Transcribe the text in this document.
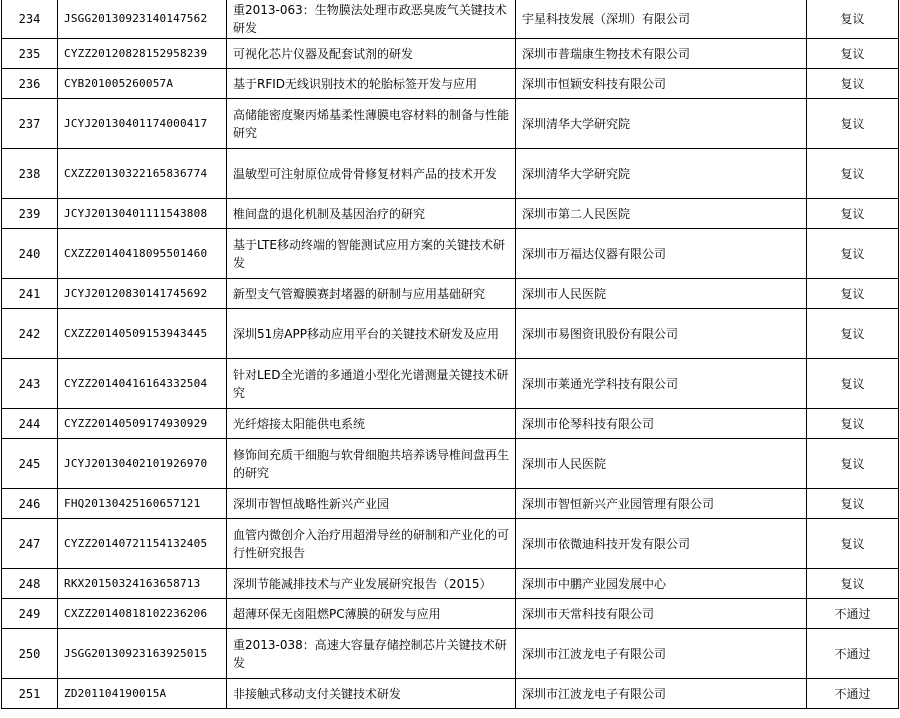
234	JSGG20130923140147562	重2013-063：生物膜法处理市政恶臭废气关键技术研发	宇星科技发展（深圳）有限公司	复议
235	CYZZ20120828152958239	可视化芯片仪器及配套试剂的研发	深圳市普瑞康生物技术有限公司	复议
236	CYB201005260057A	基于RFID无线识别技术的轮胎标签开发与应用	深圳市恒颖安科技有限公司	复议
237	JCYJ20130401174000417	高储能密度聚丙烯基柔性薄膜电容材料的制备与性能研究	深圳清华大学研究院	复议
238	CXZZ20130322165836774	温敏型可注射原位成骨骨修复材料产品的技术开发	深圳清华大学研究院	复议
239	JCYJ20130401111543808	椎间盘的退化机制及基因治疗的研究	深圳市第二人民医院	复议
240	CXZZ20140418095501460	基于LTE移动终端的智能测试应用方案的关键技术研发	深圳市万福达仪器有限公司	复议
241	JCYJ20120830141745692	新型支气管瓣膜赛封堵器的研制与应用基础研究	深圳市人民医院	复议
242	CXZZ20140509153943445	深圳51房APP移动应用平台的关键技术研发及应用	深圳市易图资讯股份有限公司	复议
243	CYZZ20140416164332504	针对LED全光谱的多通道小型化光谱测量关键技术研究	深圳市莱通光学科技有限公司	复议
244	CYZZ20140509174930929	光纤熔接太阳能供电系统	深圳市伦琴科技有限公司	复议
245	JCYJ20130402101926970	修饰间充质干细胞与软骨细胞共培养诱导椎间盘再生的研究	深圳市人民医院	复议
246	FHQ20130425160657121	深圳市智恒战略性新兴产业园	深圳市智恒新兴产业园管理有限公司	复议
247	CYZZ20140721154132405	血管内微创介入治疗用超滑导丝的研制和产业化的可行性研究报告	深圳市依微迪科技开发有限公司	复议
248	RKX20150324163658713	深圳节能减排技术与产业发展研究报告（2015）	深圳市中鹏产业园发展中心	复议
249	CXZZ20140818102236206	超薄环保无卤阻燃PC薄膜的研发与应用	深圳市天常科技有限公司	不通过
250	JSGG20130923163925015	重2013-038：高速大容量存储控制芯片关键技术研发	深圳市江波龙电子有限公司	不通过
251	ZD201104190015A	非接触式移动支付关键技术研发	深圳市江波龙电子有限公司	不通过
